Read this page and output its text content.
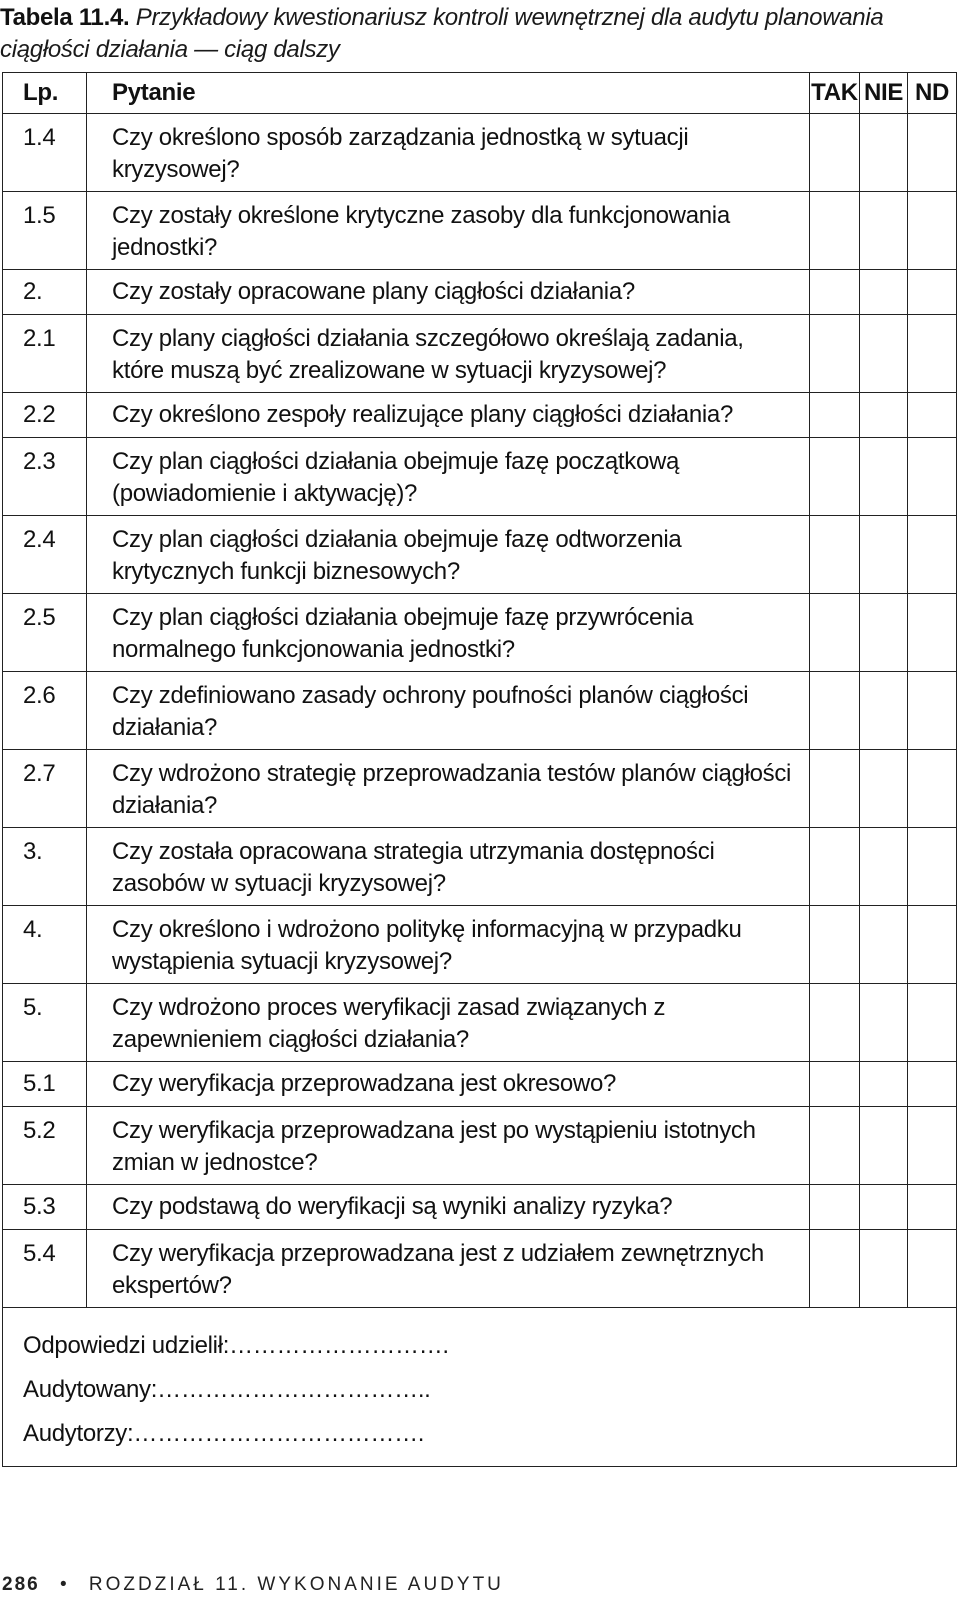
Tabela 11.4. Przykładowy kwestionariusz kontroli wewnętrznej dla audytu planowania ciągłości działania — ciąg dalszy
Lp.	Pytanie	TAK	NIE	ND
1.4	Czy określono sposób zarządzania jednostką w sytuacji kryzysowej?			
1.5	Czy zostały określone krytyczne zasoby dla funkcjonowania jednostki?			
2.	Czy zostały opracowane plany ciągłości działania?			
2.1	Czy plany ciągłości działania szczegółowo określają zadania, które muszą być zrealizowane w sytuacji kryzysowej?			
2.2	Czy określono zespoły realizujące plany ciągłości działania?			
2.3	Czy plan ciągłości działania obejmuje fazę początkową (powiadomienie i aktywację)?			
2.4	Czy plan ciągłości działania obejmuje fazę odtworzenia krytycznych funkcji biznesowych?			
2.5	Czy plan ciągłości działania obejmuje fazę przywrócenia normalnego funkcjonowania jednostki?			
2.6	Czy zdefiniowano zasady ochrony poufności planów ciągłości działania?			
2.7	Czy wdrożono strategię przeprowadzania testów planów ciągłości działania?			
3.	Czy została opracowana strategia utrzymania dostępności zasobów w sytuacji kryzysowej?			
4.	Czy określono i wdrożono politykę informacyjną w przypadku wystąpienia sytuacji kryzysowej?			
5.	Czy wdrożono proces weryfikacji zasad związanych z zapewnieniem ciągłości działania?			
5.1	Czy weryfikacja przeprowadzana jest okresowo?			
5.2	Czy weryfikacja przeprowadzana jest po wystąpieniu istotnych zmian w jednostce?			
5.3	Czy podstawą do weryfikacji są wyniki analizy ryzyka?			
5.4	Czy weryfikacja przeprowadzana jest z udziałem zewnętrznych ekspertów?			

Odpowiedzi udzielił:……………………….
Audytowany:……………………………..
Audytorzy:……………………………….				
286 • ROZDZIAŁ 11. WYKONANIE AUDYTU
